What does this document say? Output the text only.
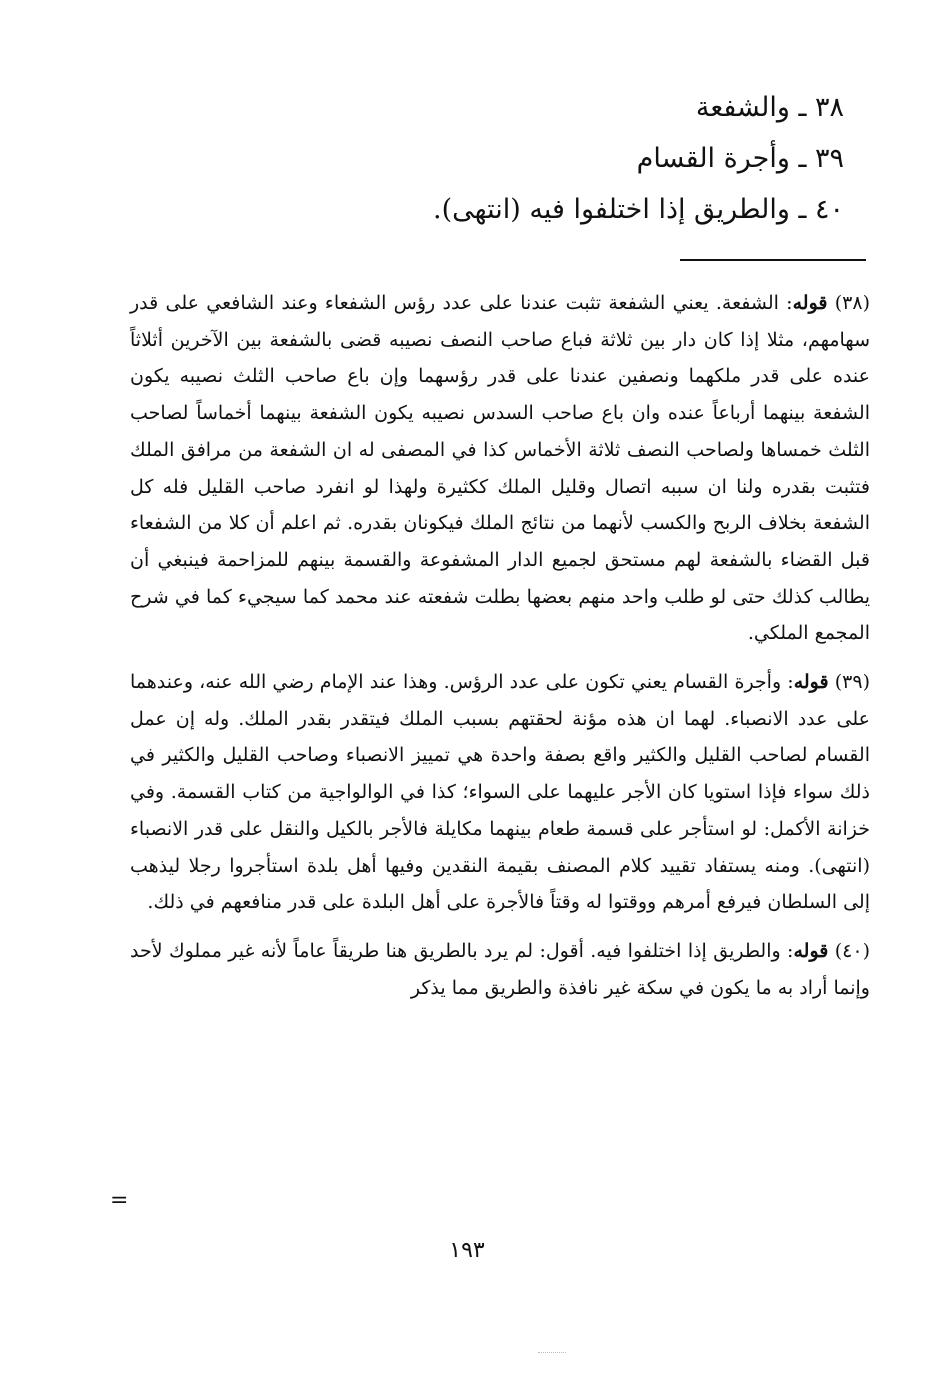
٣٨ ـ والشفعة
٣٩ ـ وأجرة القسام
٤٠ ـ والطريق إذا اختلفوا فيه (انتهى).

(٣٨) قوله: الشفعة. يعني الشفعة تثبت عندنا على عدد رؤس الشفعاء وعند الشافعي على قدر سهامهم، مثلا إذا كان دار بين ثلاثة فباع صاحب النصف نصيبه قضى بالشفعة بين الآخرين أثلاثاً عنده على قدر ملكهما ونصفين عندنا على قدر رؤسهما وإن باع صاحب الثلث نصيبه يكون الشفعة بينهما أرباعاً عنده وان باع صاحب السدس نصيبه يكون الشفعة بينهما أخماساً لصاحب الثلث خمساها ولصاحب النصف ثلاثة الأخماس كذا في المصفى له ان الشفعة من مرافق الملك فتثبت بقدره ولنا ان سببه اتصال وقليل الملك ككثيرة ولهذا لو انفرد صاحب القليل فله كل الشفعة بخلاف الربح والكسب لأنهما من نتائج الملك فيكونان بقدره. ثم اعلم أن كلا من الشفعاء قبل القضاء بالشفعة لهم مستحق لجميع الدار المشفوعة والقسمة بينهم للمزاحمة فينبغي أن يطالب كذلك حتى لو طلب واحد منهم بعضها بطلت شفعته عند محمد كما سيجيء كما في شرح المجمع الملكي.

(٣٩) قوله: وأجرة القسام يعني تكون على عدد الرؤس. وهذا عند الإمام رضي الله عنه، وعندهما على عدد الانصباء. لهما ان هذه مؤنة لحقتهم بسبب الملك فيتقدر بقدر الملك. وله إن عمل القسام لصاحب القليل والكثير واقع بصفة واحدة هي تمييز الانصباء وصاحب القليل والكثير في ذلك سواء فإذا استويا كان الأجر عليهما على السواء؛ كذا في الوالواجية من كتاب القسمة. وفي خزانة الأكمل: لو استأجر على قسمة طعام بينهما مكايلة فالأجر بالكيل والنقل على قدر الانصباء (انتهى). ومنه يستفاد تقييد كلام المصنف بقيمة النقدين وفيها أهل بلدة استأجروا رجلا ليذهب إلى السلطان فيرفع أمرهم ووقتوا له وقتاً فالأجرة على أهل البلدة على قدر منافعهم في ذلك.

(٤٠) قوله: والطريق إذا اختلفوا فيه. أقول: لم يرد بالطريق هنا طريقاً عاماً لأنه غير مملوك لأحد وإنما أراد به ما يكون في سكة غير نافذة والطريق مما يذكر

=
١٩٣
